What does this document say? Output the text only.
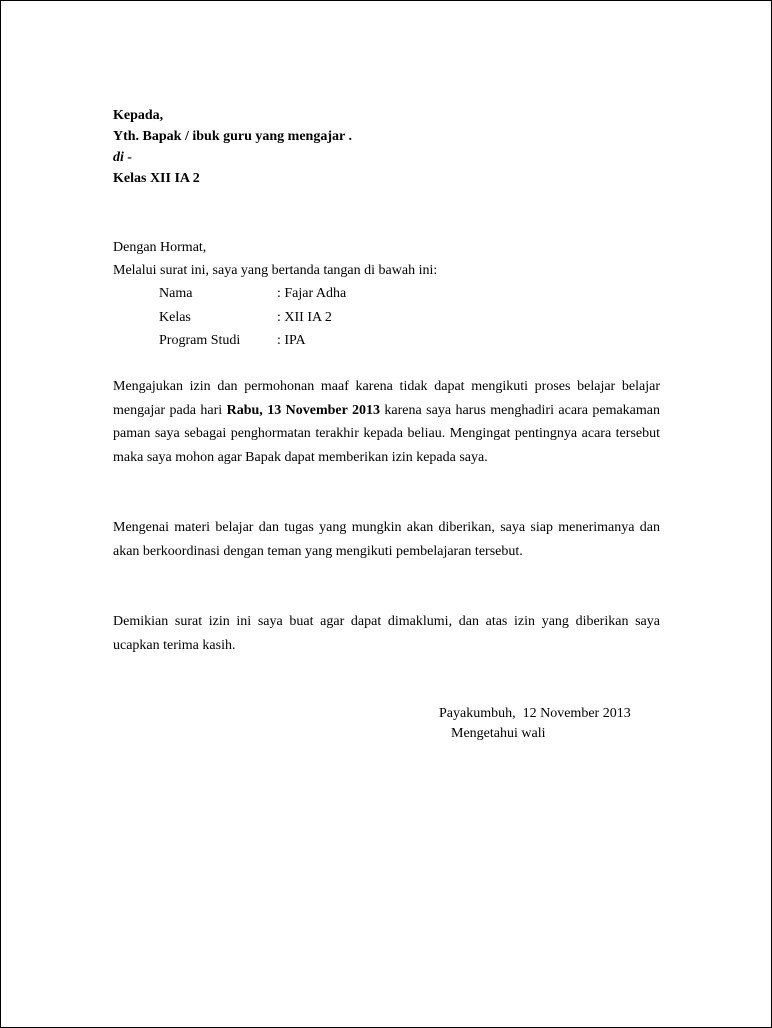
Kepada,
Yth. Bapak / ibuk guru yang mengajar .
di -
Kelas XII IA 2
Dengan Hormat,
Melalui surat ini, saya yang bertanda tangan di bawah ini:
Nama	: Fajar Adha
Kelas	: XII IA 2
Program Studi	: IPA

Mengajukan izin dan permohonan maaf karena tidak dapat mengikuti proses belajar belajar mengajar pada hari Rabu, 13 November 2013 karena saya harus menghadiri acara pemakaman paman saya sebagai penghormatan terakhir kepada beliau. Mengingat pentingnya acara tersebut maka saya mohon agar Bapak dapat memberikan izin kepada saya.

Mengenai materi belajar dan tugas yang mungkin akan diberikan, saya siap menerimanya dan akan berkoordinasi dengan teman yang mengikuti pembelajaran tersebut.

Demikian surat izin ini saya buat agar dapat dimaklumi, dan atas izin yang diberikan saya ucapkan terima kasih.

Payakumbuh,  12 November 2013
Mengetahui wali
